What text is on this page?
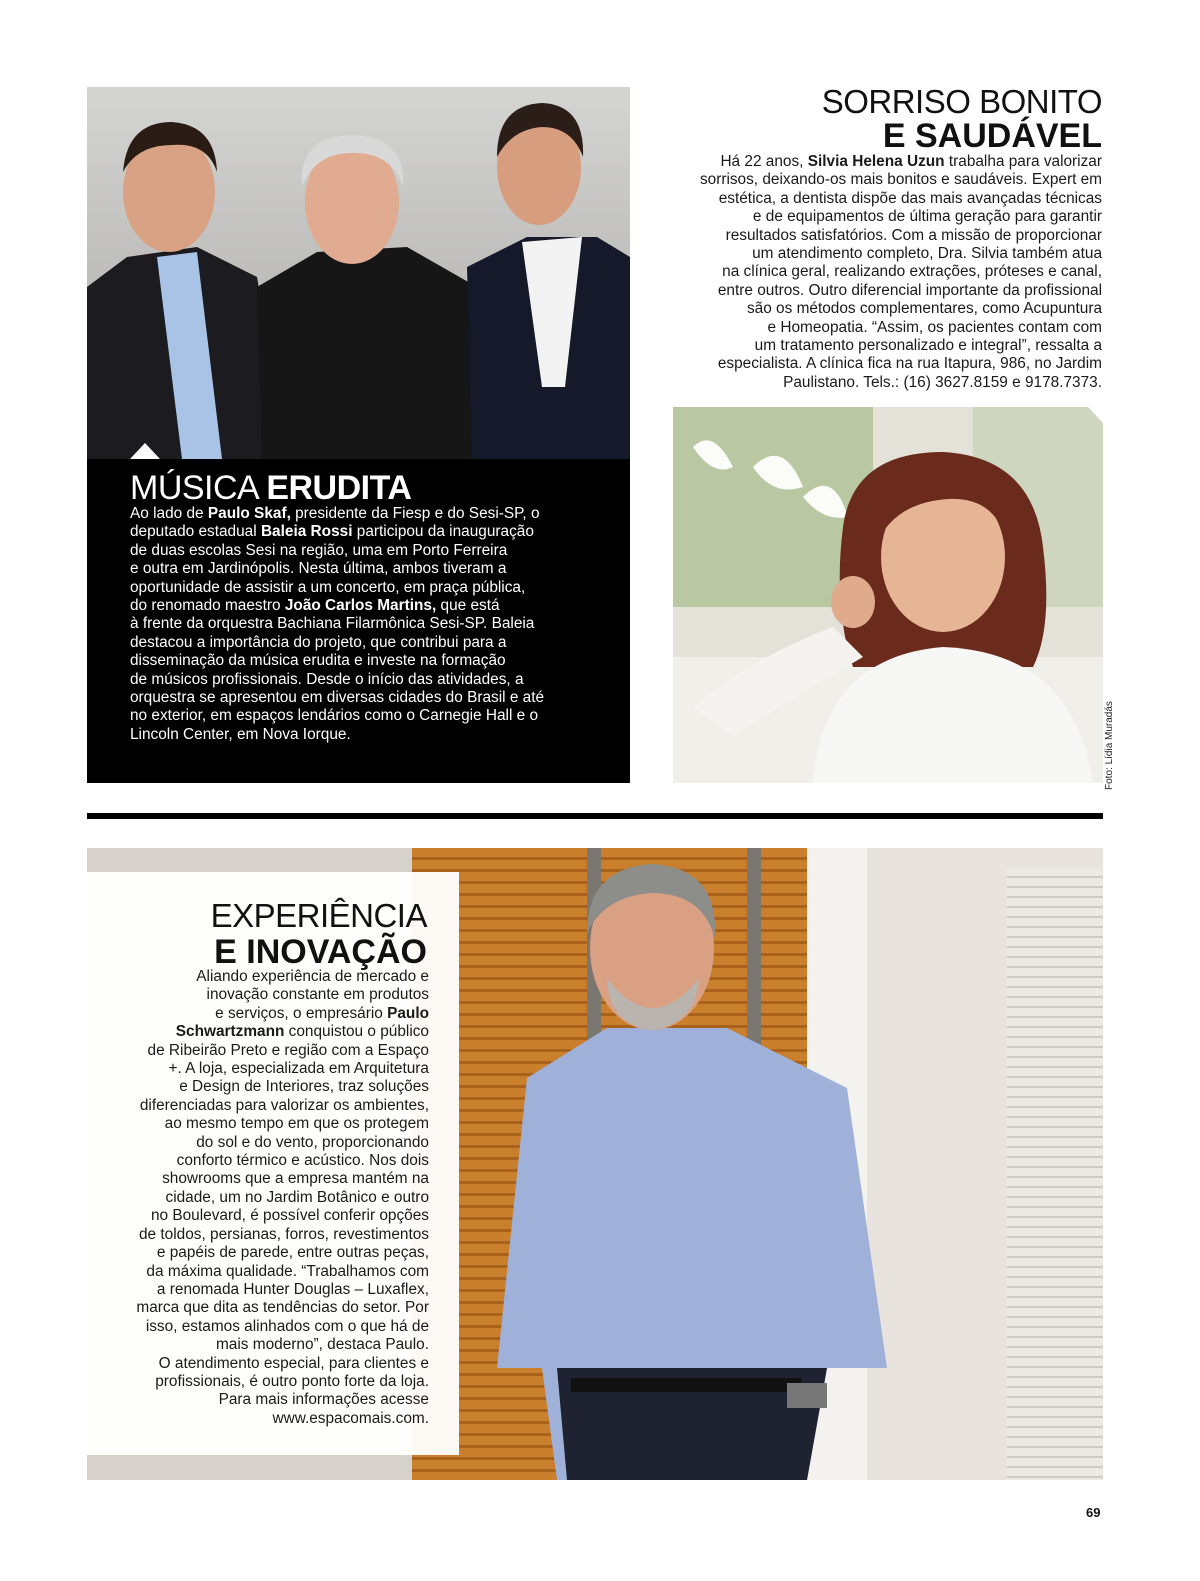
MÚSICA ERUDITA

Ao lado de Paulo Skaf, presidente da Fiesp e do Sesi-SP, o

deputado estadual Baleia Rossi participou da inauguração

de duas escolas Sesi na região, uma em Porto Ferreira

e outra em Jardinópolis. Nesta última, ambos tiveram a

oportunidade de assistir a um concerto, em praça pública,

do renomado maestro João Carlos Martins, que está

à frente da orquestra Bachiana Filarmônica Sesi-SP. Baleia

destacou a importância do projeto, que contribui para a

disseminação da música erudita e investe na formação

de músicos profissionais. Desde o início das atividades, a

orquestra se apresentou em diversas cidades do Brasil e até

no exterior, em espaços lendários como o Carnegie Hall e o

Lincoln Center, em Nova Iorque.

SORRISO BONITO
E SAUDÁVEL

Há 22 anos, Silvia Helena Uzun trabalha para valorizar

sorrisos, deixando-os mais bonitos e saudáveis. Expert em

estética, a dentista dispõe das mais avançadas técnicas

e de equipamentos de última geração para garantir

resultados satisfatórios. Com a missão de proporcionar

um atendimento completo, Dra. Silvia também atua

na clínica geral, realizando extrações, próteses e canal,

entre outros. Outro diferencial importante da profissional

são os métodos complementares, como Acupuntura

e Homeopatia. “Assim, os pacientes contam com

um tratamento personalizado e integral”, ressalta a

especialista. A clínica fica na rua Itapura, 986, no Jardim

Paulistano. Tels.: (16) 3627.8159 e 9178.7373.

Foto: Lídia Muradás
EXPERIÊNCIA
E INOVAÇÃO

Aliando experiência de mercado e

inovação constante em produtos

e serviços, o empresário Paulo

Schwartzmann conquistou o público

de Ribeirão Preto e região com a Espaço

+. A loja, especializada em Arquitetura

e Design de Interiores, traz soluções

diferenciadas para valorizar os ambientes,

ao mesmo tempo em que os protegem

do sol e do vento, proporcionando

conforto térmico e acústico. Nos dois

showrooms que a empresa mantém na

cidade, um no Jardim Botânico e outro

no Boulevard, é possível conferir opções

de toldos, persianas, forros, revestimentos

e papéis de parede, entre outras peças,

da máxima qualidade. “Trabalhamos com

a renomada Hunter Douglas – Luxaflex,

marca que dita as tendências do setor. Por

isso, estamos alinhados com o que há de

mais moderno”, destaca Paulo.

O atendimento especial, para clientes e

profissionais, é outro ponto forte da loja.

Para mais informações acesse

www.espacomais.com.

69
